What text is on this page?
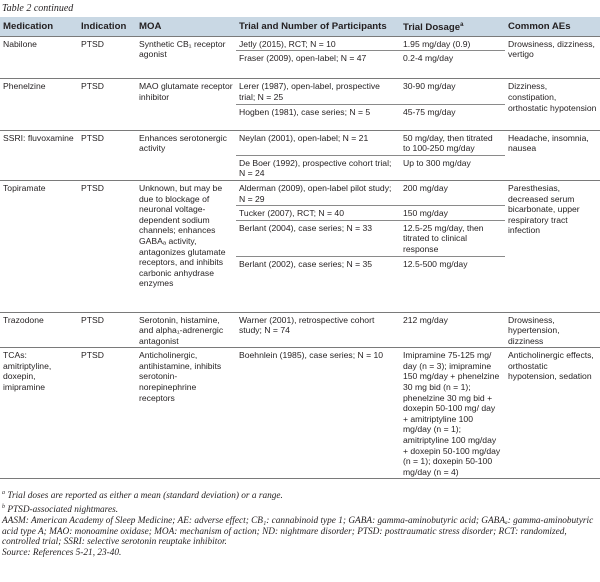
Table 2 continued
Medication	Indication	MOA	Trial and Number of Participants	Trial Dosage$^a$	Common AEs
Nabilone	PTSD	Synthetic CB₁ receptor agonist	Jetly (2015), RCT; N = 10	1.95 mg/day (0.9)	Drowsiness, dizziness, vertigo
			Fraser (2009), open-label; N = 47	0.2-4 mg/day	
Phenelzine	PTSD	MAO glutamate receptor inhibitor	Lerer (1987), open-label, prospective trial; N = 25	30-90 mg/day	Dizziness, constipation, orthostatic hypotension
			Hogben (1981), case series; N = 5	45-75 mg/day	
SSRI: fluvoxamine	PTSD	Enhances serotonergic activity	Neylan (2001), open-label; N = 21	50 mg/day, then titrated to 100-250 mg/day	Headache, insomnia, nausea
			De Boer (1992), prospective cohort trial; N = 24	Up to 300 mg/day	
Topiramate	PTSD	Unknown, but may be due to blockage of neuronal voltage-dependent sodium channels; enhances GABAₐ activity, antagonizes glutamate receptors, and inhibits carbonic anhydrase enzymes	Alderman (2009), open-label pilot study; N = 29	200 mg/day	Paresthesias, decreased serum bicarbonate, upper respiratory tract infection
			Tucker (2007), RCT; N = 40	150 mg/day	
			Berlant (2004), case series; N = 33	12.5-25 mg/day, then titrated to clinical response	
			Berlant (2002), case series; N = 35	12.5-500 mg/day	
Trazodone	PTSD	Serotonin, histamine, and alpha₁-adrenergic antagonist	Warner (2001), retrospective cohort study; N = 74	212 mg/day	Drowsiness, hypertension, dizziness
TCAs: amitriptyline, doxepin, imipramine	PTSD	Anticholinergic, antihistamine, inhibits serotonin-norepinephrine receptors	Boehnlein (1985), case series; N = 10	Imipramine 75-125 mg/ day (n = 3); imipramine 150 mg/day + phenelzine 30 mg bid (n = 1); phenelzine 30 mg bid + doxepin 50-100 mg/ day + amitriptyline 100 mg/day (n = 1); amitriptyline 100 mg/day + doxepin 50-100 mg/day (n = 1); doxepin 50-100 mg/day (n = 4)	Anticholinergic effects, orthostatic hypotension, sedation
$^a$ Trial doses are reported as either a mean (standard deviation) or a range.
$^b$ PTSD-associated nightmares.
AASM: American Academy of Sleep Medicine; AE: adverse effect; CB₁: cannabinoid type 1; GABA: gamma-aminobutyric acid; GABAₐ: gamma-aminobutyric acid type A; MAO: monoamine oxidase; MOA: mechanism of action; ND: nightmare disorder; PTSD: posttraumatic stress disorder; RCT: randomized, controlled trial; SSRI: selective serotonin reuptake inhibitor.
Source: References 5-21, 23-40.
